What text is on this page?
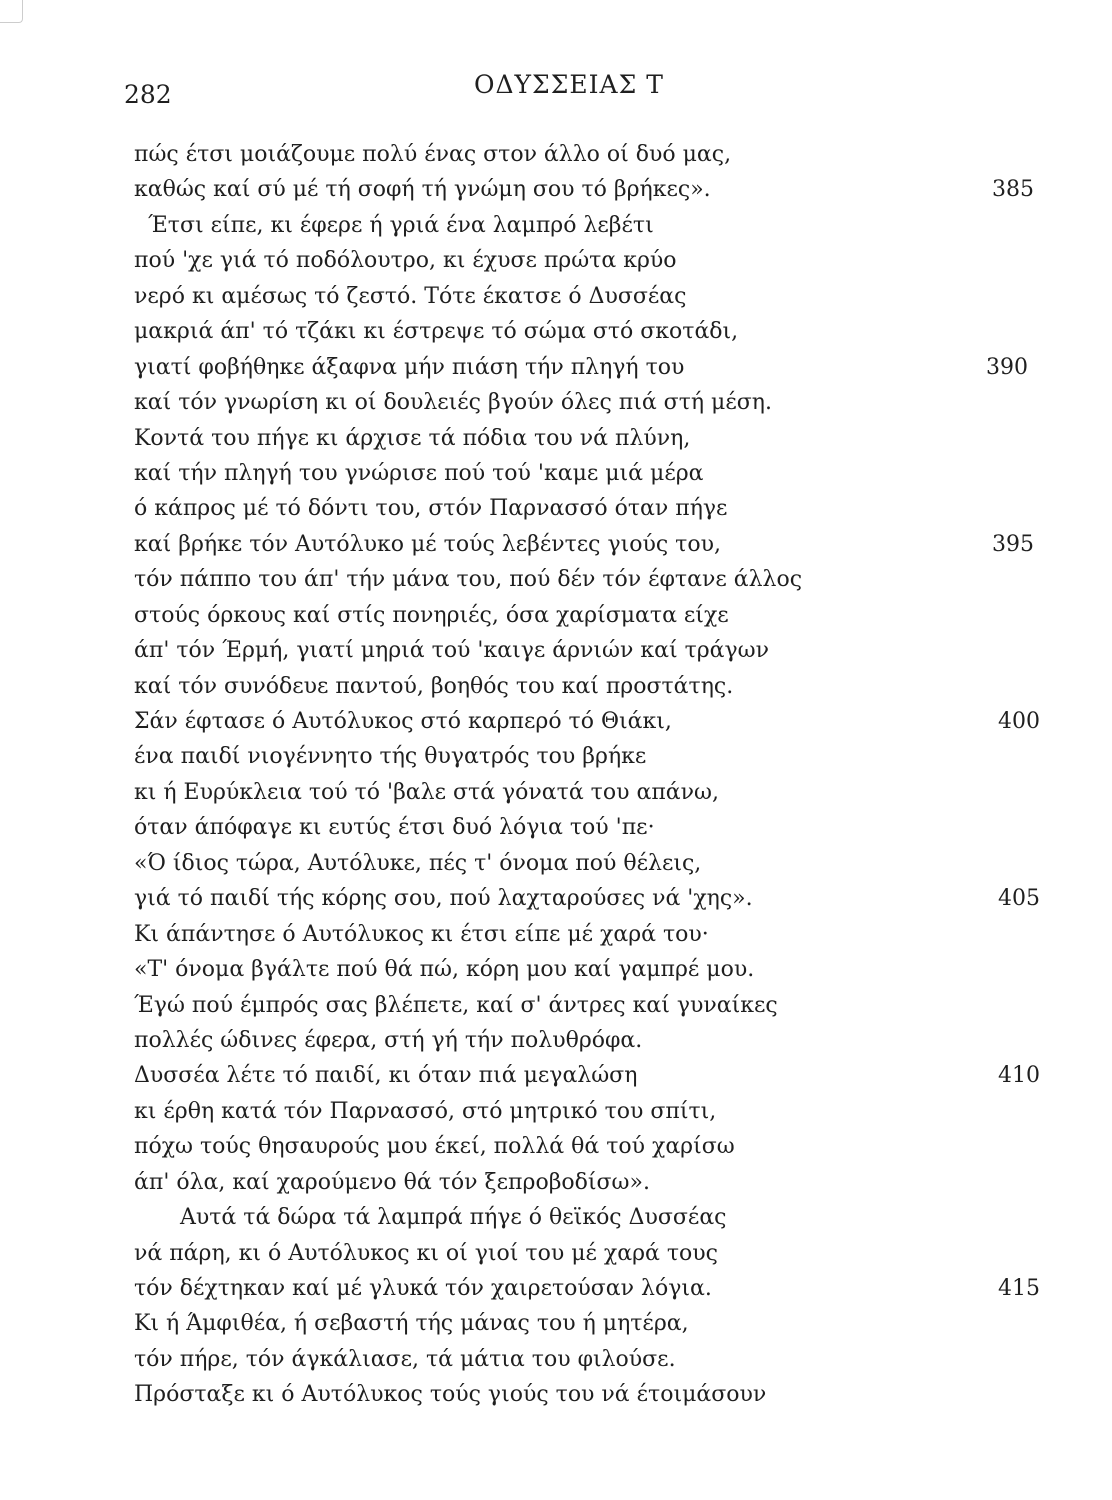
282	ΟΔΥΣΣΕΙΑΣ Τ
πώς έτσι μοιάζουμε πολύ ένας στον άλλο οί δυό μας,
καθώς καί σύ μέ τή σοφή τή γνώμη σου τό βρήκες».	385
Έτσι είπε, κι έφερε ή γριά ένα λαμπρό λεβέτι
πού 'χε γιά τό ποδόλουτρο, κι έχυσε πρώτα κρύο
νερό κι αμέσως τό ζεστό. Τότε έκατσε ό Δυσσέας
μακριά άπ' τό τζάκι κι έστρεψε τό σώμα στό σκοτάδι,
γιατί φοβήθηκε άξαφνα μήν πιάση τήν πληγή του	390
καί τόν γνωρίση κι οί δουλειές βγούν όλες πιά στή μέση.
Κοντά του πήγε κι άρχισε τά πόδια του νά πλύνη,
καί τήν πληγή του γνώρισε πού τού 'καμε μιά μέρα
ό κάπρος μέ τό δόντι του, στόν Παρνασσό όταν πήγε
καί βρήκε τόν Αυτόλυκο μέ τούς λεβέντες γιούς του,	395
τόν πάππο του άπ' τήν μάνα του, πού δέν τόν έφτανε άλλος
στούς όρκους καί στίς πονηριές, όσα χαρίσματα είχε
άπ' τόν Έρμή, γιατί μηριά τού 'καιγε άρνιών καί τράγων
καί τόν συνόδευε παντού, βοηθός του καί προστάτης.
Σάν έφτασε ό Αυτόλυκος στό καρπερό τό Θιάκι,	400
ένα παιδί νιογέννητο τής θυγατρός του βρήκε
κι ή Ευρύκλεια τού τό 'βαλε στά γόνατά του απάνω,
όταν άπόφαγε κι ευτύς έτσι δυό λόγια τού 'πε·
«Ό ίδιος τώρα, Αυτόλυκε, πές τ' όνομα πού θέλεις,
γιά τό παιδί τής κόρης σου, πού λαχταρούσες νά 'χης».	405
Κι άπάντησε ό Αυτόλυκος κι έτσι είπε μέ χαρά του·
«Τ' όνομα βγάλτε πού θά πώ, κόρη μου καί γαμπρέ μου.
Έγώ πού έμπρός σας βλέπετε, καί σ' άντρες καί γυναίκες
πολλές ώδινες έφερα, στή γή τήν πολυθρόφα.
Δυσσέα λέτε τό παιδί, κι όταν πιά μεγαλώση	410
κι έρθη κατά τόν Παρνασσό, στό μητρικό του σπίτι,
πόχω τούς θησαυρούς μου έκεί, πολλά θά τού χαρίσω
άπ' όλα, καί χαρούμενο θά τόν ξεπροβοδίσω».
Αυτά τά δώρα τά λαμπρά πήγε ό θεϊκός Δυσσέας
νά πάρη, κι ό Αυτόλυκος κι οί γιοί του μέ χαρά τους
τόν δέχτηκαν καί μέ γλυκά τόν χαιρετούσαν λόγια.	415
Κι ή Άμφιθέα, ή σεβαστή τής μάνας του ή μητέρα,
τόν πήρε, τόν άγκάλιασε, τά μάτια του φιλούσε.
Πρόσταξε κι ό Αυτόλυκος τούς γιούς του νά έτοιμάσουν
